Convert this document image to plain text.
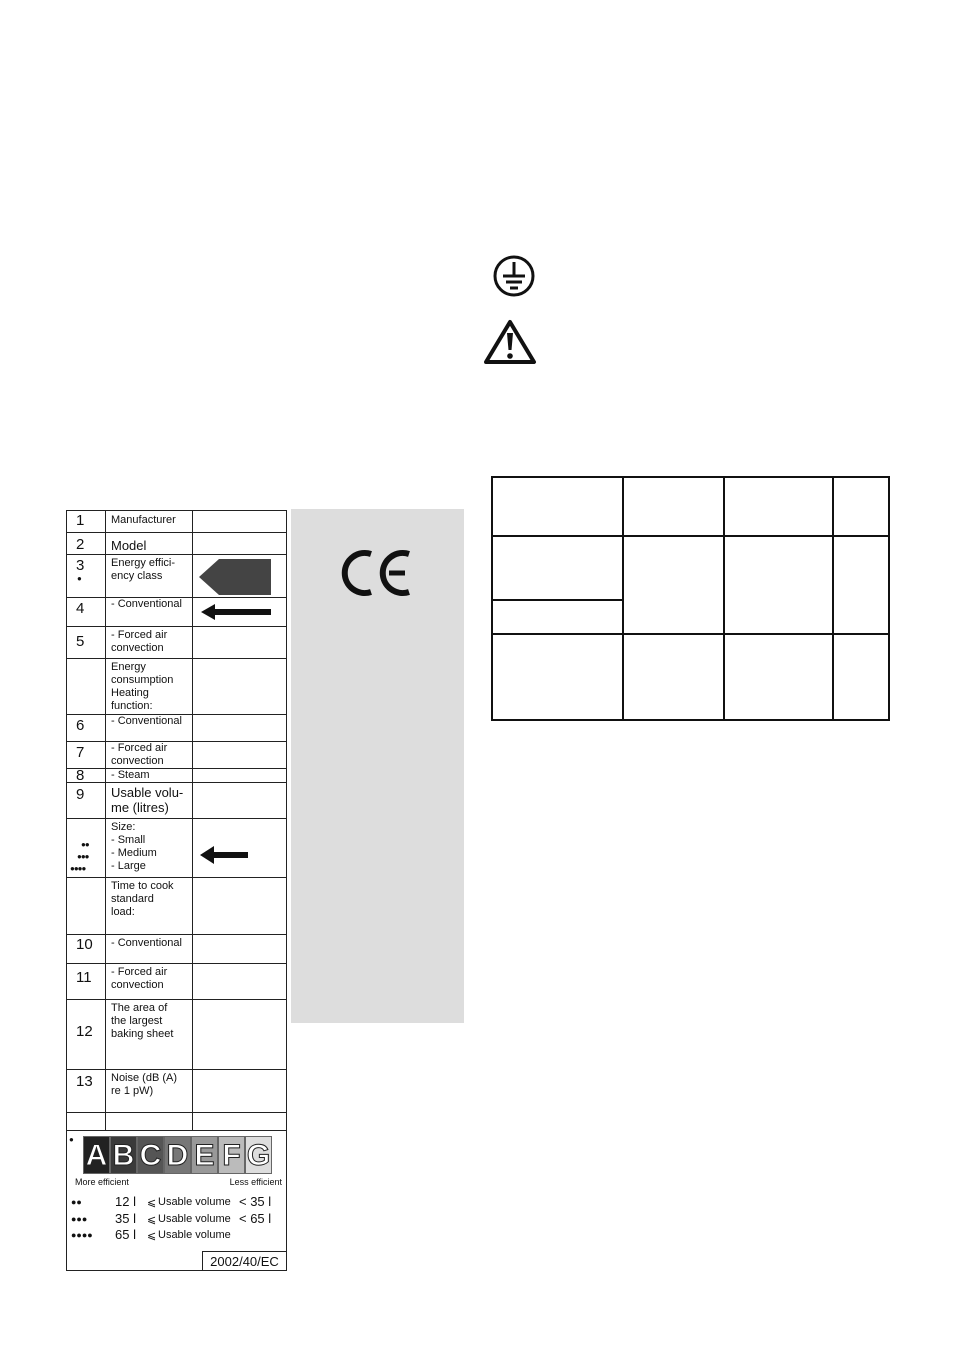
1 Manufacturer
2 Model
3 Energy effici-
ency class
●
4 - Conventional
5 - Forced air
convection
Energy
consumption
Heating
function:
6 - Conventional
7 - Forced air
convection
8 - Steam
9 Usable volu-
me (litres)
Size:
- Small
- Medium
- Large
●●
●●●
●●●●
Time to cook
standard
load:
10 - Conventional
11 - Forced air
convection
12
The area of
the largest
baking sheet
13 Noise (dB (A)
re 1 pW)
● A B C D E F G
More efficient	Less efficient
●●	12 l ⩽ Usable volume < 35 l
●●● 35 l ⩽ Usable volume < 65 l
●●●● 65 l ⩽ Usable volume
2002/40/EC
